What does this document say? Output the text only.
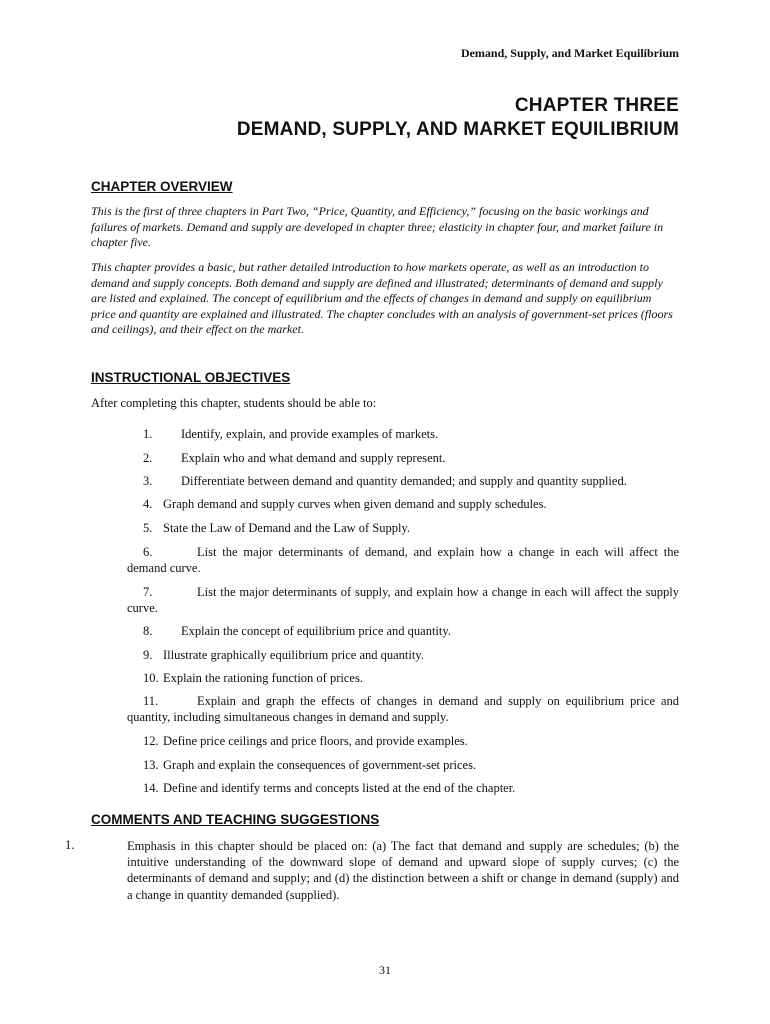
Demand, Supply, and Market Equilibrium
CHAPTER THREE
DEMAND, SUPPLY, AND MARKET EQUILIBRIUM
CHAPTER OVERVIEW

This is the first of three chapters in Part Two, “Price, Quantity, and Efficiency,” focusing on the basic workings and failures of markets. Demand and supply are developed in chapter three; elasticity in chapter four, and market failure in chapter five.

This chapter provides a basic, but rather detailed introduction to how markets operate, as well as an introduction to demand and supply concepts. Both demand and supply are defined and illustrated; determinants of demand and supply are listed and explained. The concept of equilibrium and the effects of changes in demand and supply on equilibrium price and quantity are explained and illustrated. The chapter concludes with an analysis of government-set prices (floors and ceilings), and their effect on the market.

INSTRUCTIONAL OBJECTIVES
After completing this chapter, students should be able to:
1. Identify, explain, and provide examples of markets.
2. Explain who and what demand and supply represent.
3. Differentiate between demand and quantity demanded; and supply and quantity supplied.
4. Graph demand and supply curves when given demand and supply schedules.
5. State the Law of Demand and the Law of Supply.
6.	List the major determinants of demand, and explain how a change in each will affect the demand curve.
7.	List the major determinants of supply, and explain how a change in each will affect the supply curve.
8. Explain the concept of equilibrium price and quantity.
9. Illustrate graphically equilibrium price and quantity.
10. Explain the rationing function of prices.
11.	Explain and graph the effects of changes in demand and supply on equilibrium price and quantity, including simultaneous changes in demand and supply.
12. Define price ceilings and price floors, and provide examples.
13. Graph and explain the consequences of government-set prices.
14. Define and identify terms and concepts listed at the end of the chapter.
COMMENTS AND TEACHING SUGGESTIONS
1.	Emphasis in this chapter should be placed on: (a) The fact that demand and supply are schedules; (b) the intuitive understanding of the downward slope of demand and upward slope of supply curves; (c) the determinants of demand and supply; and (d) the distinction between a shift or change in demand (supply) and a change in quantity demanded (supplied).

31
